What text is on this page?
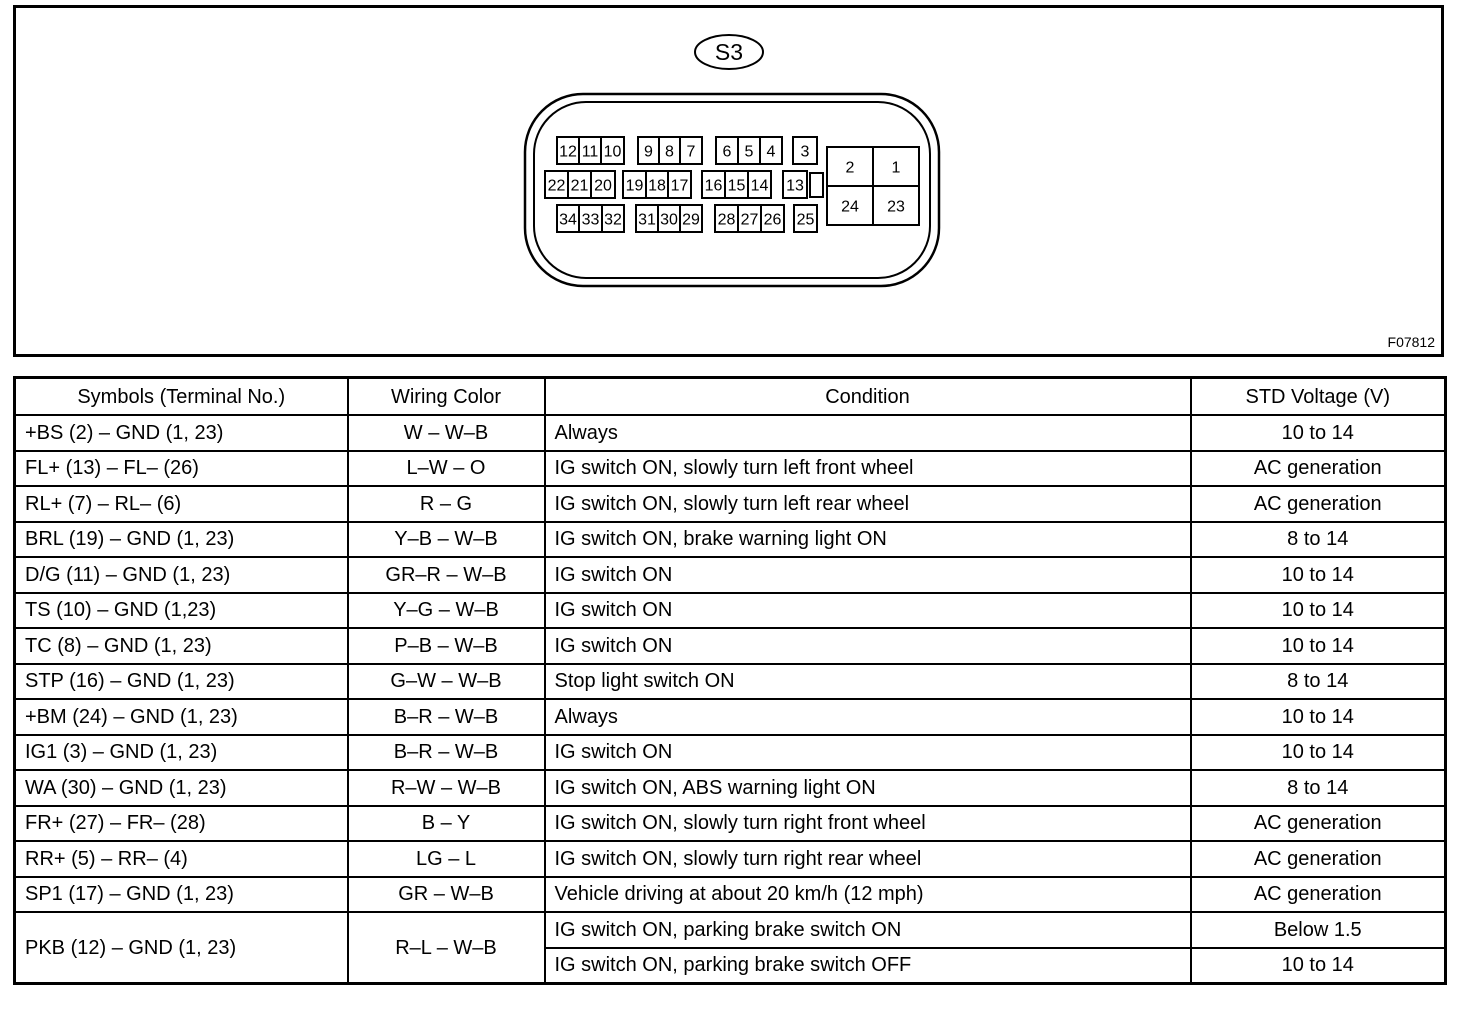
S3
12 11 10 9 8 7 6 5 4 3
22 21 20 19 18 17 16 15 14 13
34 33 32 31 30 29 28 27 26 25
2 1
24 23
F07812
Symbols (Terminal No.)	Wiring Color	Condition	STD Voltage (V)
+BS (2) – GND (1, 23)	W – W–B	Always	10 to 14
FL+ (13) – FL– (26)	L–W – O	IG switch ON, slowly turn left front wheel	AC generation
RL+ (7) – RL– (6)	R – G	IG switch ON, slowly turn left rear wheel	AC generation
BRL (19) – GND (1, 23)	Y–B – W–B	IG switch ON, brake warning light ON	8 to 14
D/G (11) – GND (1, 23)	GR–R – W–B	IG switch ON	10 to 14
TS (10) – GND (1,23)	Y–G – W–B	IG switch ON	10 to 14
TC (8) – GND (1, 23)	P–B – W–B	IG switch ON	10 to 14
STP (16) – GND (1, 23)	G–W – W–B	Stop light switch ON	8 to 14
+BM (24) – GND (1, 23)	B–R – W–B	Always	10 to 14
IG1 (3) – GND (1, 23)	B–R – W–B	IG switch ON	10 to 14
WA (30) – GND (1, 23)	R–W – W–B	IG switch ON, ABS warning light ON	8 to 14
FR+ (27) – FR– (28)	B – Y	IG switch ON, slowly turn right front wheel	AC generation
RR+ (5) – RR– (4)	LG – L	IG switch ON, slowly turn right rear wheel	AC generation
SP1 (17) – GND (1, 23)	GR – W–B	Vehicle driving at about 20 km/h (12 mph)	AC generation
PKB (12) – GND (1, 23)	R–L – W–B	IG switch ON, parking brake switch ON	Below 1.5
		IG switch ON, parking brake switch OFF	10 to 14
